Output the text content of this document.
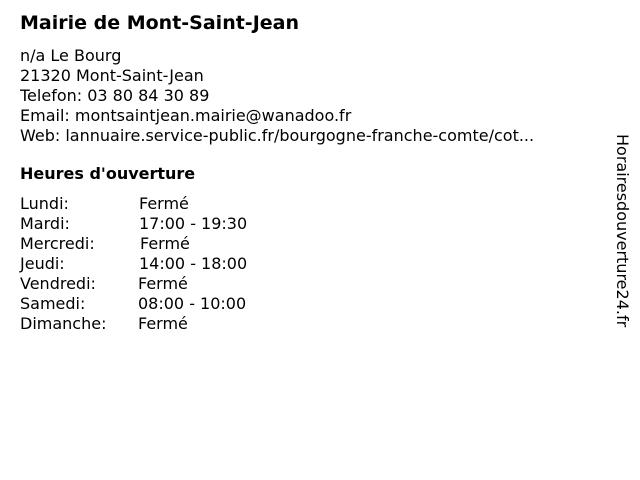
Mairie de Mont-Saint-Jean
n/a Le Bourg
21320 Mont-Saint-Jean
Telefon: 03 80 84 30 89
Email: montsaintjean.mairie@wanadoo.fr
Web: lannuaire.service-public.fr/bourgogne-franche-comte/cot...
Heures d'ouverture
Lundi:	Fermé
Mardi:	17:00 - 19:30
Mercredi:	Fermé
Jeudi:	14:00 - 18:00
Vendredi:	Fermé
Samedi:	08:00 - 10:00
Dimanche: Fermé	Horairesdouverture24.fr
